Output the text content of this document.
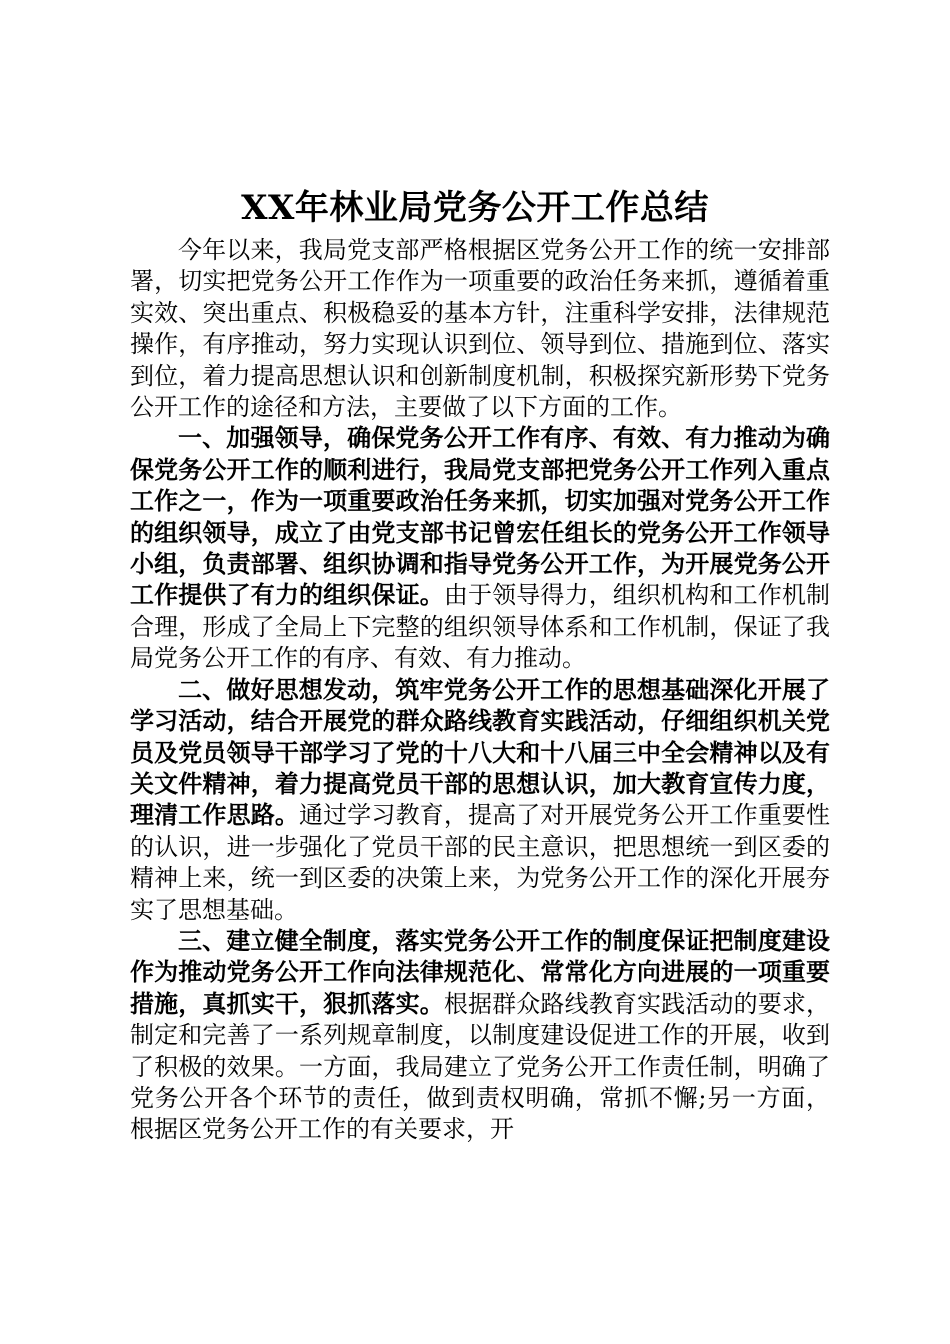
XX年林业局党务公开工作总结

今年以来，我局党支部严格根据区党务公开工作的统一安排部署，切实把党务公开工作作为一项重要的政治任务来抓，遵循着重实效、突出重点、积极稳妥的基本方针，注重科学安排，法律规范操作，有序推动，努力实现认识到位、领导到位、措施到位、落实到位，着力提高思想认识和创新制度机制，积极探究新形势下党务公开工作的途径和方法，主要做了以下方面的工作。

一、加强领导，确保党务公开工作有序、有效、有力推动为确保党务公开工作的顺利进行，我局党支部把党务公开工作列入重点工作之一，作为一项重要政治任务来抓，切实加强对党务公开工作的组织领导，成立了由党支部书记曾宏任组长的党务公开工作领导小组，负责部署、组织协调和指导党务公开工作，为开展党务公开工作提供了有力的组织保证。由于领导得力，组织机构和工作机制合理，形成了全局上下完整的组织领导体系和工作机制，保证了我局党务公开工作的有序、有效、有力推动。

二、做好思想发动，筑牢党务公开工作的思想基础深化开展了学习活动，结合开展党的群众路线教育实践活动，仔细组织机关党员及党员领导干部学习了党的十八大和十八届三中全会精神以及有关文件精神，着力提高党员干部的思想认识，加大教育宣传力度，理清工作思路。通过学习教育，提高了对开展党务公开工作重要性的认识，进一步强化了党员干部的民主意识，把思想统一到区委的精神上来，统一到区委的决策上来，为党务公开工作的深化开展夯实了思想基础。

三、建立健全制度，落实党务公开工作的制度保证把制度建设作为推动党务公开工作向法律规范化、常常化方向进展的一项重要措施，真抓实干，狠抓落实。根据群众路线教育实践活动的要求，制定和完善了一系列规章制度，以制度建设促进工作的开展，收到了积极的效果。一方面，我局建立了党务公开工作责任制，明确了党务公开各个环节的责任，做到责权明确，常抓不懈;另一方面，根据区党务公开工作的有关要求，开
